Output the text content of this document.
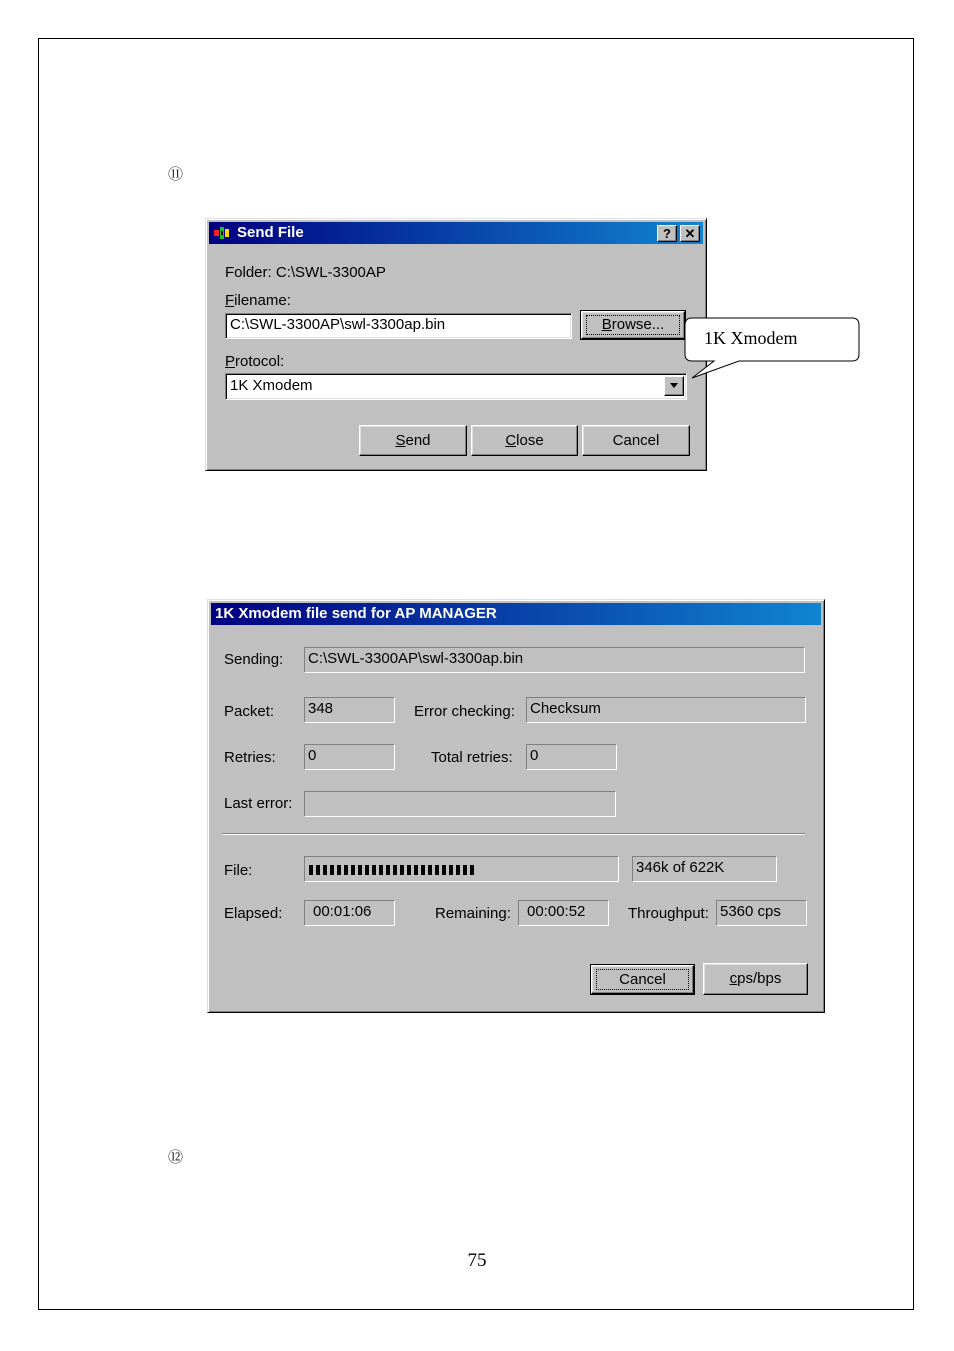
⑪
Send File	?	✕
Folder: C:\SWL-3300AP
Filename:
C:\SWL-3300AP\swl-3300ap.bin	Browse...
Protocol:
1K Xmodem
Send	Close	Cancel
1K Xmodem
1K Xmodem file send for AP MANAGER
Sending: C:\SWL-3300AP\swl-3300ap.bin
Packet: 348	Error checking: Checksum
Retries: 0	Total retries: 0
Last error:
File:	346k of 622K
Elapsed:	00:01:06	Remaining:	00:00:52	Throughput: 5360 cps
Cancel	cps/bps
⑫
75
